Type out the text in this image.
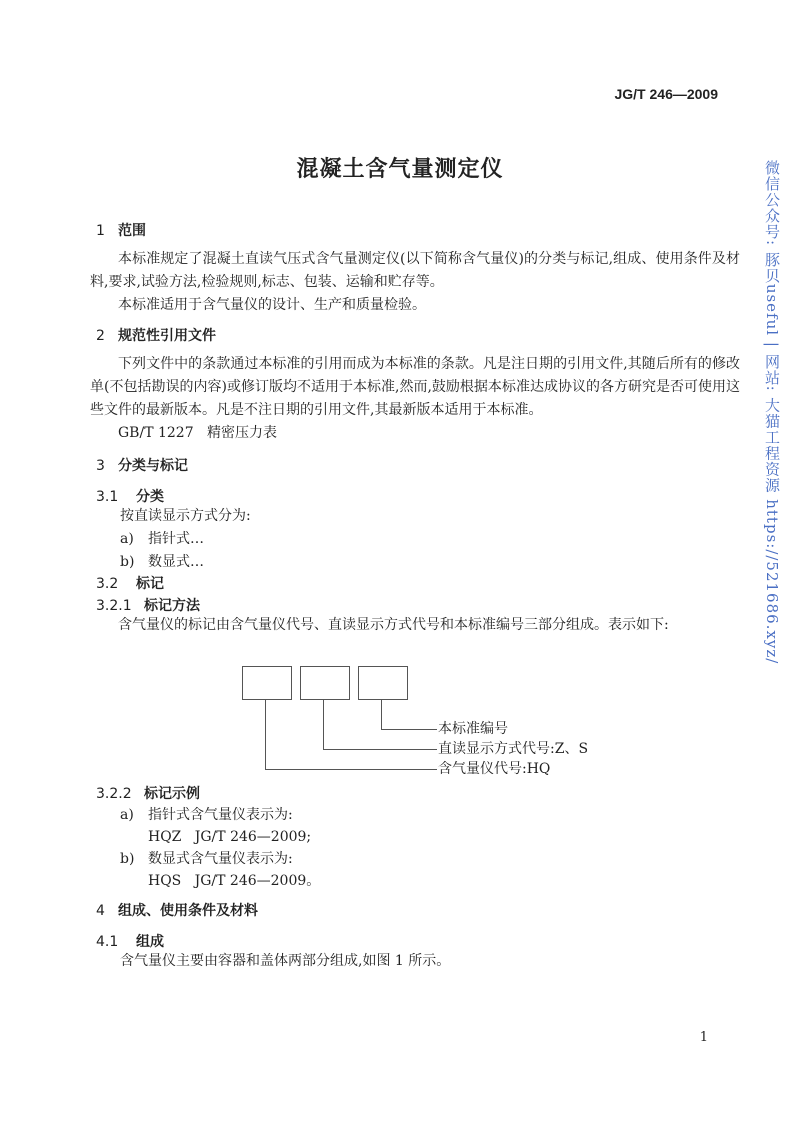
JG/T 246—2009
混凝土含气量测定仪
1 范围
本标准规定了混凝土直读气压式含气量测定仪(以下简称含气量仪)的分类与标记,组成、使用条件及材料,要求,试验方法,检验规则,标志、包装、运输和贮存等。
本标准适用于含气量仪的设计、生产和质量检验。
2 规范性引用文件
下列文件中的条款通过本标准的引用而成为本标准的条款。凡是注日期的引用文件,其随后所有的修改单(不包括勘误的内容)或修订版均不适用于本标准,然而,鼓励根据本标准达成协议的各方研究是否可使用这些文件的最新版本。凡是不注日期的引用文件,其最新版本适用于本标准。
GB/T 1227 精密压力表
3 分类与标记
3.1 分类
按直读显示方式分为:
a) 指针式…
b) 数显式…
3.2 标记
3.2.1 标记方法
含气量仪的标记由含气量仪代号、直读显示方式代号和本标准编号三部分组成。表示如下:
本标准编号
直读显示方式代号:Z、S
含气量仪代号:HQ
3.2.2 标记示例
a) 指针式含气量仪表示为:
HQZ   JG/T 246—2009;
b) 数显式含气量仪表示为:
HQS   JG/T 246—2009。
4 组成、使用条件及材料
4.1 组成
含气量仪主要由容器和盖体两部分组成,如图 1 所示。
微信公众号: 豚贝useful | 网站: 大猫工程资源 https://521686.xyz/
1
